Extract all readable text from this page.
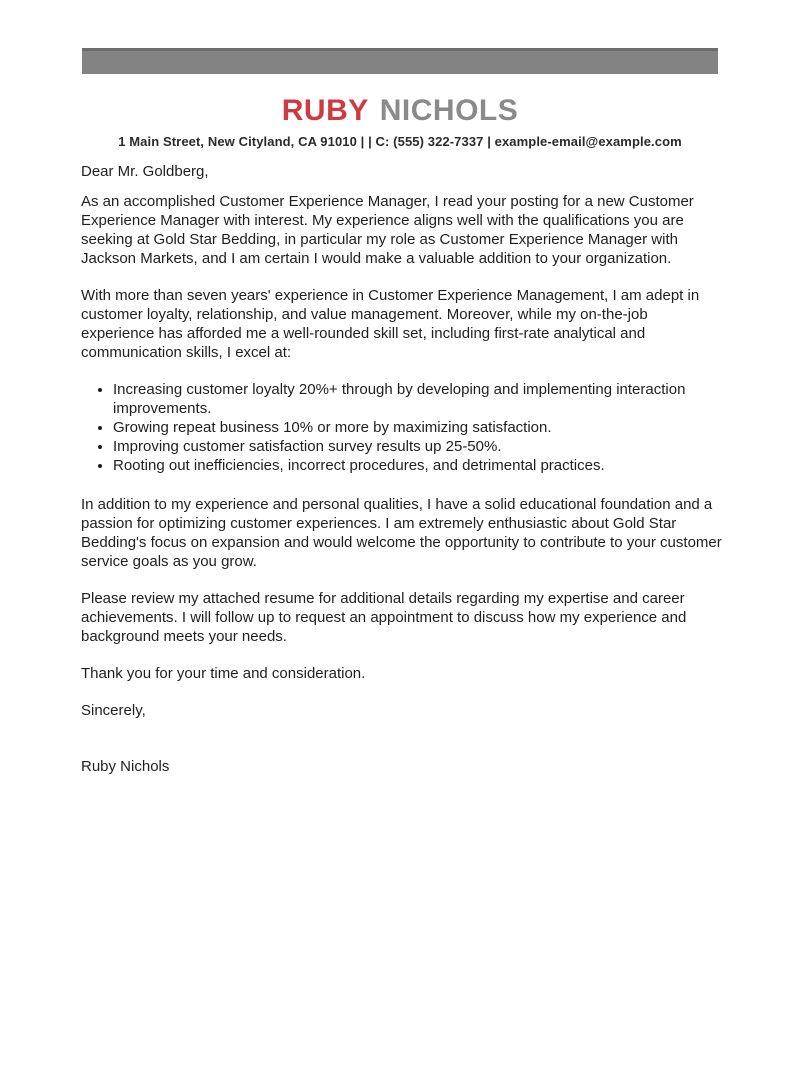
RUBY NICHOLS
1 Main Street, New Cityland, CA 91010 | | C: (555) 322-7337 | example-email@example.com

Dear Mr. Goldberg,

As an accomplished Customer Experience Manager, I read your posting for a new Customer Experience Manager with interest. My experience aligns well with the qualifications you are seeking at Gold Star Bedding, in particular my role as Customer Experience Manager with Jackson Markets, and I am certain I would make a valuable addition to your organization.

With more than seven years' experience in Customer Experience Management, I am adept in customer loyalty, relationship, and value management. Moreover, while my on-the-job experience has afforded me a well-rounded skill set, including first-rate analytical and communication skills, I excel at:

• Increasing customer loyalty 20%+ through by developing and implementing interaction improvements.
• Growing repeat business 10% or more by maximizing satisfaction.
• Improving customer satisfaction survey results up 25-50%.
• Rooting out inefficiencies, incorrect procedures, and detrimental practices.

In addition to my experience and personal qualities, I have a solid educational foundation and a passion for optimizing customer experiences. I am extremely enthusiastic about Gold Star Bedding's focus on expansion and would welcome the opportunity to contribute to your customer service goals as you grow.

Please review my attached resume for additional details regarding my expertise and career achievements. I will follow up to request an appointment to discuss how my experience and background meets your needs.

Thank you for your time and consideration.

Sincerely,

Ruby Nichols
